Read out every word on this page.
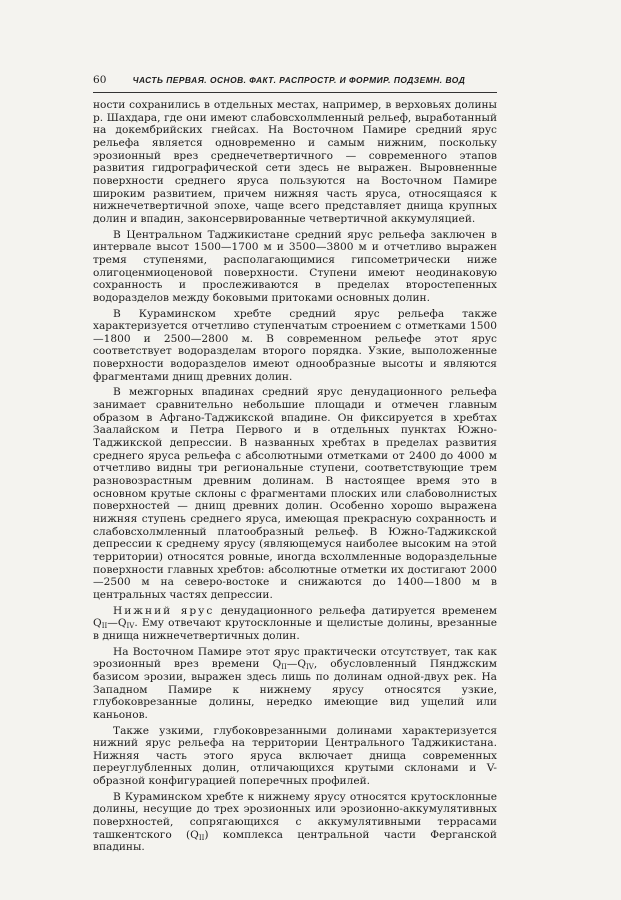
60	ЧАСТЬ ПЕРВАЯ. ОСНОВ. ФАКТ. РАСПРОСТР. И ФОРМИР. ПОДЗЕМН. ВОД

ности сохранились в отдельных местах, например, в верховьях долины р. Шахдара, где они имеют слабовсхолмленный рельеф, выработанный на докембрийских гнейсах. На Восточном Памире средний ярус рельефа является одновременно и самым нижним, поскольку эрозионный врез среднечетвертичного — современного этапов развития гидрографической сети здесь не выражен. Выровненные поверхности среднего яруса пользуются на Восточном Памире широким развитием, причем нижняя часть яруса, относящаяся к нижнечетвертичной эпохе, чаще всего представляет днища крупных долин и впадин, законсервированные четвертичной аккумуляцией.

В Центральном Таджикистане средний ярус рельефа заключен в интервале высот 1500—1700 м и 3500—3800 м и отчетливо выражен тремя ступенями, располагающимися гипсометрически ниже олигоценмиоценовой поверхности. Ступени имеют неодинаковую сохранность и прослеживаются в пределах второстепенных водоразделов между боковыми притоками основных долин.

В Кураминском хребте средний ярус рельефа также характеризуется отчетливо ступенчатым строением с отметками 1500—1800 и 2500—2800 м. В современном рельефе этот ярус соответствует водоразделам второго порядка. Узкие, выположенные поверхности водоразделов имеют однообразные высоты и являются фрагментами днищ древних долин.

В межгорных впадинах средний ярус денудационного рельефа занимает сравнительно небольшие площади и отмечен главным образом в Афгано-Таджикской впадине. Он фиксируется в хребтах Заалайском и Петра Первого и в отдельных пунктах Южно-Таджикской депрессии. В названных хребтах в пределах развития среднего яруса рельефа с абсолютными отметками от 2400 до 4000 м отчетливо видны три региональные ступени, соответствующие трем разновозрастным древним долинам. В настоящее время это в основном крутые склоны с фрагментами плоских или слабоволнистых поверхностей — днищ древних долин. Особенно хорошо выражена нижняя ступень среднего яруса, имеющая прекрасную сохранность и слабовсхолмленный платообразный рельеф. В Южно-Таджикской депрессии к среднему ярусу (являющемуся наиболее высоким на этой территории) относятся ровные, иногда всхолмленные водораздельные поверхности главных хребтов: абсолютные отметки их достигают 2000—2500 м на северо-востоке и снижаются до 1400—1800 м в центральных частях депрессии.

Нижний ярус денудационного рельефа датируется временем $Q_{II}—Q_{IV}$. Ему отвечают крутосклонные и щелистые долины, врезанные в днища нижнечетвертичных долин.

На Восточном Памире этот ярус практически отсутствует, так как эрозионный врез времени $Q_{II}—Q_{IV}$, обусловленный Пянджским базисом эрозии, выражен здесь лишь по долинам одной-двух рек. На Западном Памире к нижнему ярусу относятся узкие, глубоковрезанные долины, нередко имеющие вид ущелий или каньонов.

Также узкими, глубоковрезанными долинами характеризуется нижний ярус рельефа на территории Центрального Таджикистана. Нижняя часть этого яруса включает днища современных переуглубленных долин, отличающихся крутыми склонами и V-образной конфигурацией поперечных профилей.

В Кураминском хребте к нижнему ярусу относятся крутосклонные долины, несущие до трех эрозионных или эрозионно-аккумулятивных поверхностей, сопрягающихся с аккумулятивными террасами ташкентского $(Q_{II})$ комплекса центральной части Ферганской впадины.
